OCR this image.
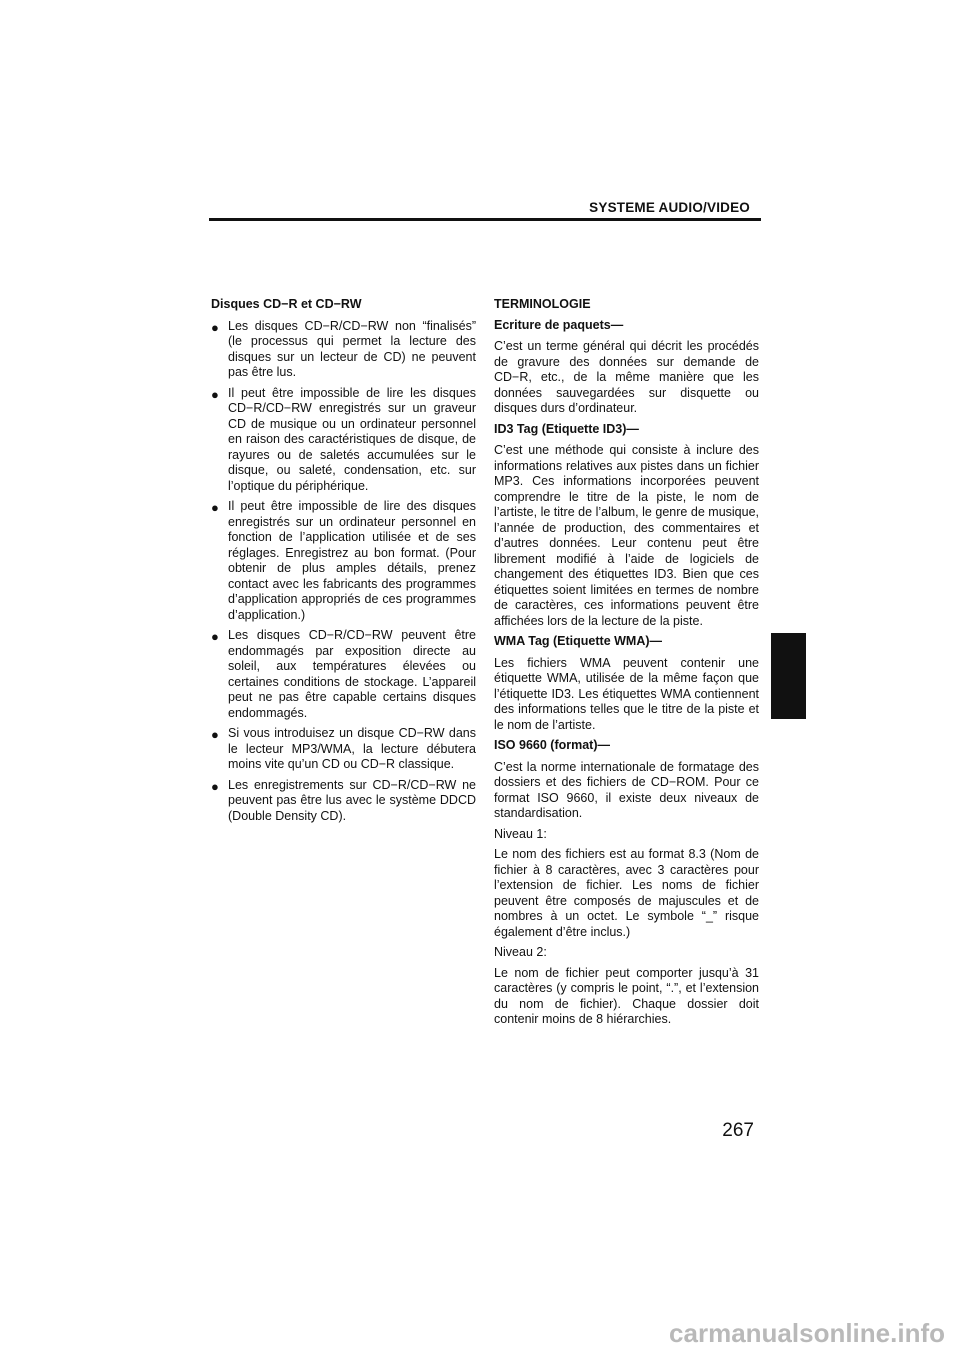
SYSTEME AUDIO/VIDEO
Disques CD−R et CD−RW
● Les disques CD−R/CD−RW non “finalisés” (le processus qui permet la lecture des disques sur un lecteur de CD) ne peuvent pas être lus.
● Il peut être impossible de lire les disques CD−R/CD−RW enregistrés sur un graveur CD de musique ou un ordinateur personnel en raison des caractéristiques de disque, de rayures ou de saletés accumulées sur le disque, ou saleté, condensation, etc. sur l’optique du périphérique.
● Il peut être impossible de lire des disques enregistrés sur un ordinateur personnel en fonction de l’application utilisée et de ses réglages. Enregistrez au bon format. (Pour obtenir de plus amples détails, prenez contact avec les fabricants des programmes d’application appropriés de ces programmes d’application.)
● Les disques CD−R/CD−RW peuvent être endommagés par exposition directe au soleil, aux températures élevées ou certaines conditions de stockage. L’appareil peut ne pas être capable certains disques endommagés.
● Si vous introduisez un disque CD−RW dans le lecteur MP3/WMA, la lecture débutera moins vite qu’un CD ou CD−R classique.
● Les enregistrements sur CD−R/CD−RW ne peuvent pas être lus avec le système DDCD (Double Density CD).
TERMINOLOGIE
Ecriture de paquets—
C’est un terme général qui décrit les procédés de gravure des données sur demande de CD−R, etc., de la même manière que les données sauvegardées sur disquette ou disques durs d’ordinateur.
ID3 Tag (Etiquette ID3)—
C’est une méthode qui consiste à inclure des informations relatives aux pistes dans un fichier MP3. Ces informations incorporées peuvent comprendre le titre de la piste, le nom de l’artiste, le titre de l’album, le genre de musique, l’année de production, des commentaires et d’autres données. Leur contenu peut être librement modifié à l’aide de logiciels de changement des étiquettes ID3. Bien que ces étiquettes soient limitées en termes de nombre de caractères, ces informations peuvent être affichées lors de la lecture de la piste.
WMA Tag (Etiquette WMA)—
Les fichiers WMA peuvent contenir une étiquette WMA, utilisée de la même façon que l’étiquette ID3. Les étiquettes WMA contiennent des informations telles que le titre de la piste et le nom de l’artiste.
ISO 9660 (format)—
C’est la norme internationale de formatage des dossiers et des fichiers de CD−ROM. Pour ce format ISO 9660, il existe deux niveaux de standardisation.
Niveau 1:
Le nom des fichiers est au format 8.3 (Nom de fichier à 8 caractères, avec 3 caractères pour l’extension de fichier. Les noms de fichier peuvent être composés de majuscules et de nombres à un octet. Le symbole “_” risque également d’être inclus.)
Niveau 2:
Le nom de fichier peut comporter jusqu’à 31 caractères (y compris le point, “.”, et l’extension du nom de fichier). Chaque dossier doit contenir moins de 8 hiérarchies.
267
carmanualsonline.info
